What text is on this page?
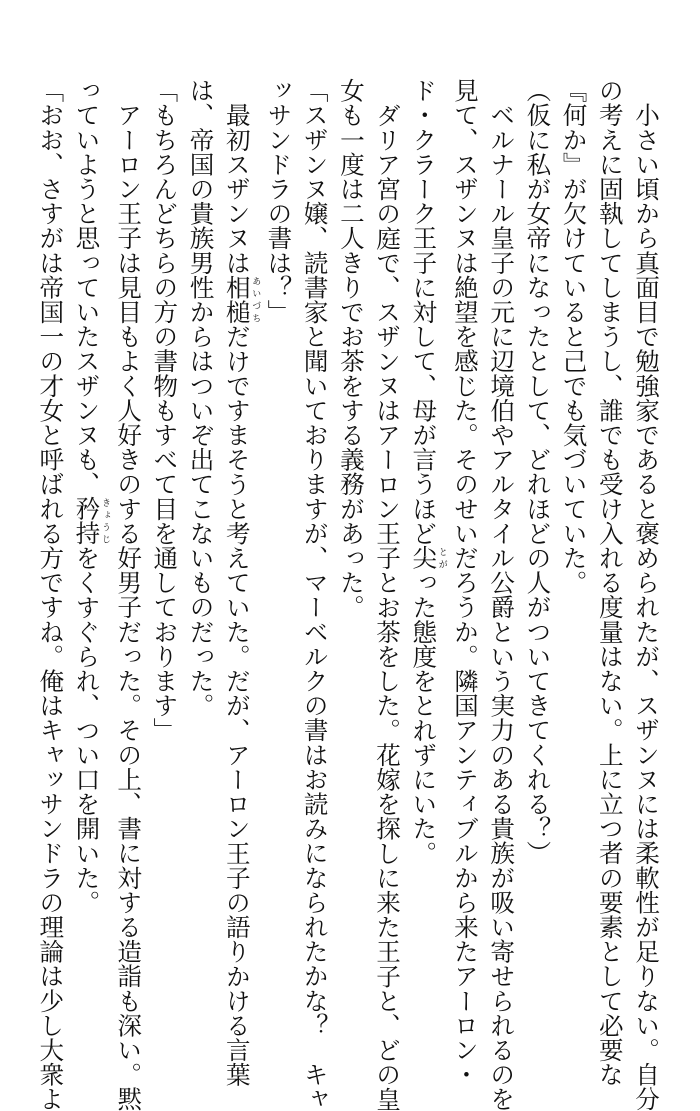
　小さい頃から真面目で勉強家であると褒められたが、スザンヌには柔軟性が足りない。自分

の考えに固執してしまうし、誰でも受け入れる度量はない。上に立つ者の要素として必要な

『何か』が欠けていると己でも気づいていた。

（仮に私が女帝になったとして、どれほどの人がついてきてくれる？）

　ベルナール皇子の元に辺境伯やアルタイル公爵という実力のある貴族が吸い寄せられるのを

見て、スザンヌは絶望を感じた。そのせいだろうか。隣国アンティブルから来たアーロン・

ド・クラーク王子に対して、母が言うほど尖とがった態度をとれずにいた。

　ダリア宮の庭で、スザンヌはアーロン王子とお茶をした。花嫁を探しに来た王子と、どの皇

女も一度は二人きりでお茶をする義務があった。

「スザンヌ嬢、読書家と聞いておりますが、マーベルクの書はお読みになられたかな？　キャ

ッサンドラの書は？」

　最初スザンヌは相槌あいづちだけですまそうと考えていた。だが、アーロン王子の語りかける言葉

は、帝国の貴族男性からはついぞ出てこないものだった。

「もちろんどちらの方の書物もすべて目を通しております」

　アーロン王子は見目もよく人好きのする好男子だった。その上、書に対する造詣も深い。黙

っていようと思っていたスザンヌも、矜持きょうじをくすぐられ、つい口を開いた。

「おお、さすがは帝国一の才女と呼ばれる方ですね。俺はキャッサンドラの理論は少し大衆よ
